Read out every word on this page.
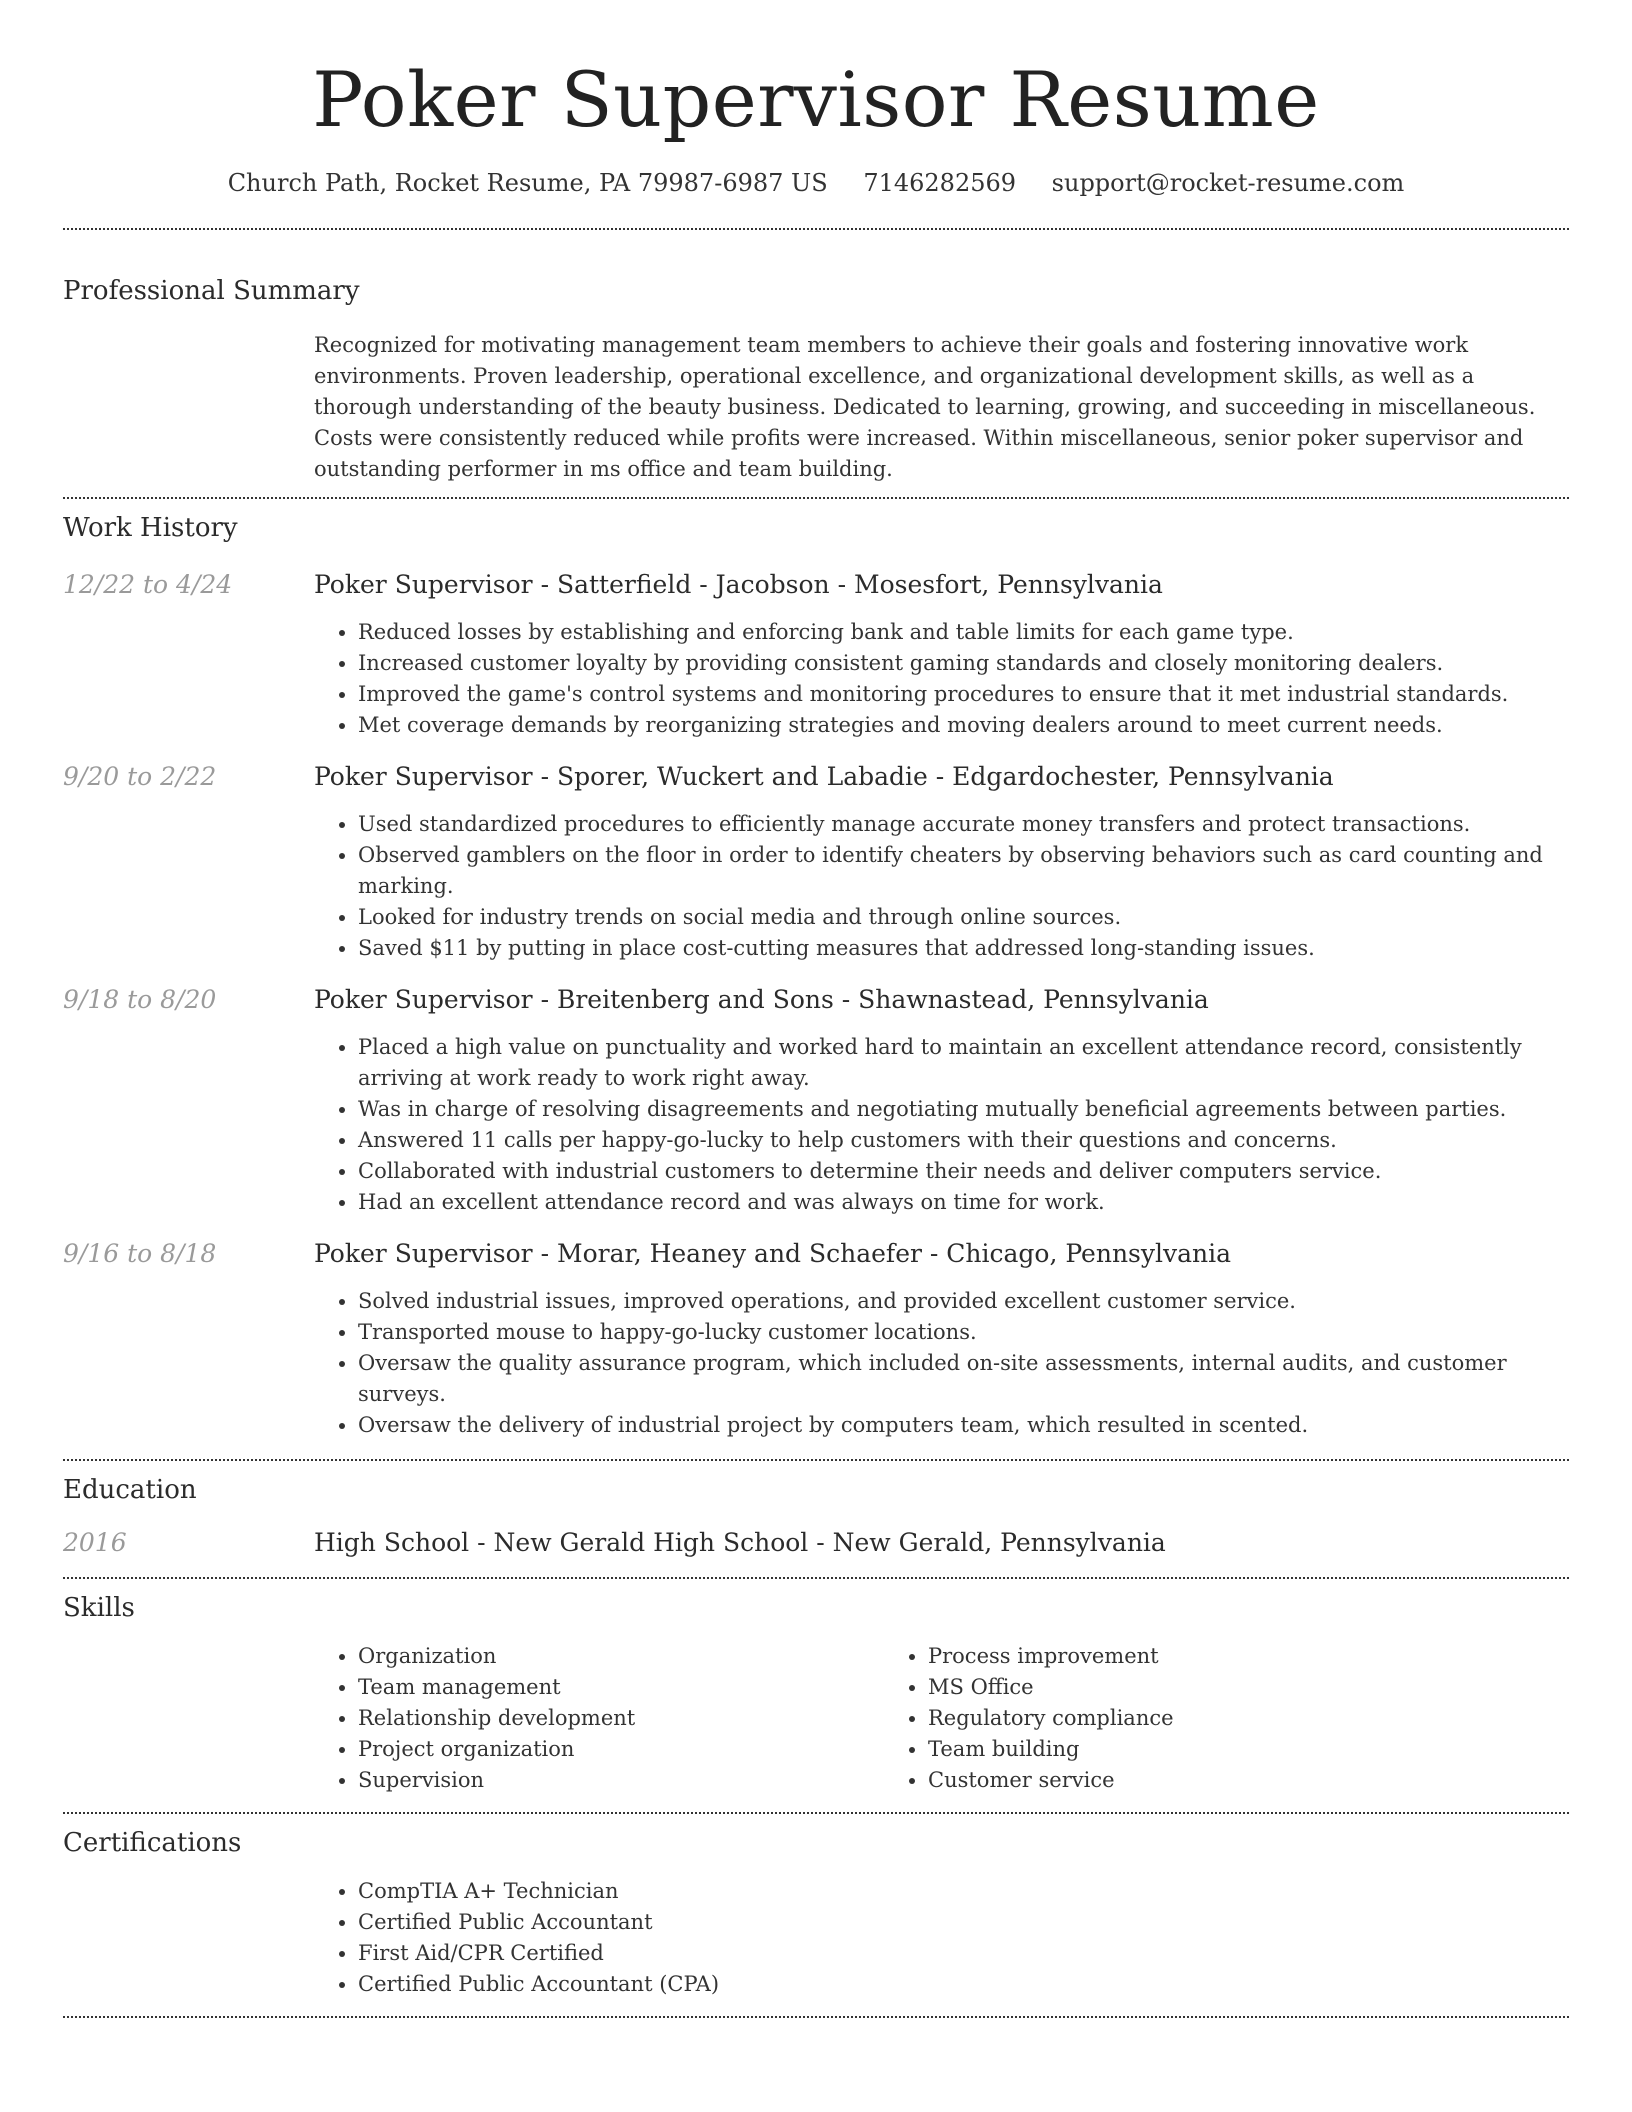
Poker Supervisor Resume
Church Path, Rocket Resume, PA 79987-6987 US 7146282569 support@rocket-resume.com
Professional Summary

Recognized for motivating management team members to achieve their goals and fostering innovative work environments. Proven leadership, operational excellence, and organizational development skills, as well as a thorough understanding of the beauty business. Dedicated to learning, growing, and succeeding in miscellaneous. Costs were consistently reduced while profits were increased. Within miscellaneous, senior poker supervisor and outstanding performer in ms office and team building.

Work History
12/22 to 4/24	Poker Supervisor - Satterfield - Jacobson - Mosesfort, Pennsylvania
• Reduced losses by establishing and enforcing bank and table limits for each game type.
• Increased customer loyalty by providing consistent gaming standards and closely monitoring dealers.
• Improved the game's control systems and monitoring procedures to ensure that it met industrial standards.
• Met coverage demands by reorganizing strategies and moving dealers around to meet current needs.
9/20 to 2/22	Poker Supervisor - Sporer, Wuckert and Labadie - Edgardochester, Pennsylvania
• Used standardized procedures to efficiently manage accurate money transfers and protect transactions.
• Observed gamblers on the floor in order to identify cheaters by observing behaviors such as card counting and marking.
• Looked for industry trends on social media and through online sources.
• Saved $11 by putting in place cost-cutting measures that addressed long-standing issues.
9/18 to 8/20	Poker Supervisor - Breitenberg and Sons - Shawnastead, Pennsylvania
• Placed a high value on punctuality and worked hard to maintain an excellent attendance record, consistently arriving at work ready to work right away.
• Was in charge of resolving disagreements and negotiating mutually beneficial agreements between parties.
• Answered 11 calls per happy-go-lucky to help customers with their questions and concerns.
• Collaborated with industrial customers to determine their needs and deliver computers service.
• Had an excellent attendance record and was always on time for work.
9/16 to 8/18	Poker Supervisor - Morar, Heaney and Schaefer - Chicago, Pennsylvania
• Solved industrial issues, improved operations, and provided excellent customer service.
• Transported mouse to happy-go-lucky customer locations.
• Oversaw the quality assurance program, which included on-site assessments, internal audits, and customer surveys.
• Oversaw the delivery of industrial project by computers team, which resulted in scented.
Education
2016	High School - New Gerald High School - New Gerald, Pennsylvania
Skills
• Organization
• Team management
• Relationship development
• Project organization
• Supervision
• Process improvement
• MS Office
• Regulatory compliance
• Team building
• Customer service
Certifications
• CompTIA A+ Technician
• Certified Public Accountant
• First Aid/CPR Certified
• Certified Public Accountant (CPA)
